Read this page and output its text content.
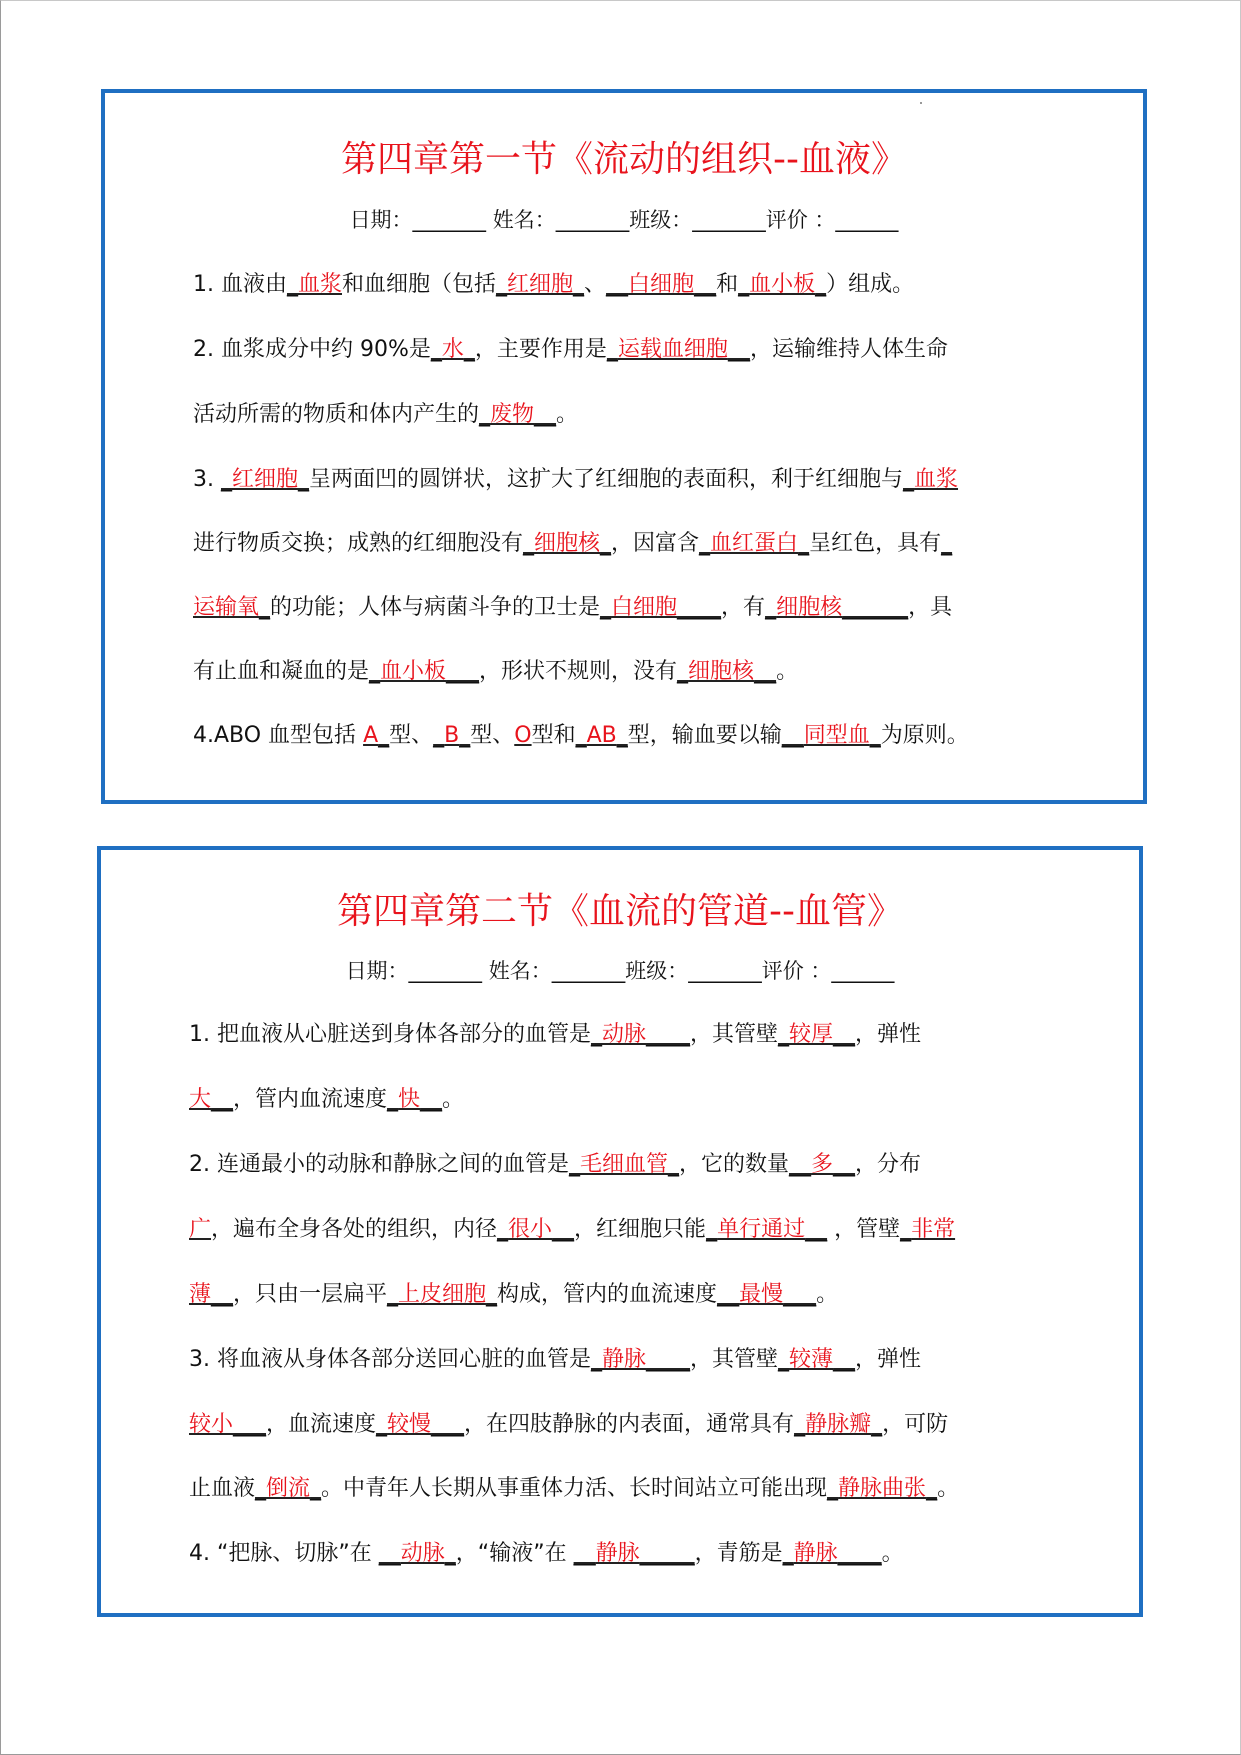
第四章第一节《流动的组织--血液》
日期：_______ 姓名：_______班级：_______评价 ：______
1. 血液由_血浆和血细胞（包括_红细胞_、__白细胞__和_血小板_）组成。
2. 血浆成分中约 90%是_水_，主要作用是_运载血细胞__，运输维持人体生命
活动所需的物质和体内产生的_废物__。
3. _红细胞_呈两面凹的圆饼状，这扩大了红细胞的表面积，利于红细胞与_血浆
进行物质交换；成熟的红细胞没有_细胞核_，因富含_血红蛋白_呈红色，具有_
运输氧_的功能；人体与病菌斗争的卫士是_白细胞____，有_细胞核______，具
有止血和凝血的是_血小板___，形状不规则，没有_细胞核__。
4.ABO 血型包括 A_型、_B_型、O型和_AB_型，输血要以输__同型血_为原则。
第四章第二节《血流的管道--血管》
日期：_______ 姓名：_______班级：_______评价 ：______
1. 把血液从心脏送到身体各部分的血管是_动脉____，其管壁_较厚__，弹性
大__，管内血流速度_快__。
2. 连通最小的动脉和静脉之间的血管是_毛细血管_，它的数量__多__，分布
广，遍布全身各处的组织，内径_很小__，红细胞只能_单行通过__ ，管壁_非常
薄__，只由一层扁平_上皮细胞_构成，管内的血流速度__最慢___。
3. 将血液从身体各部分送回心脏的血管是_静脉____，其管壁_较薄__，弹性
较小___，血流速度_较慢___，在四肢静脉的内表面，通常具有_静脉瓣_，可防
止血液_倒流_。中青年人长期从事重体力活、长时间站立可能出现_静脉曲张_。
4. “把脉、切脉”在 __动脉_，“输液”在 __静脉_____，青筋是_静脉____。
